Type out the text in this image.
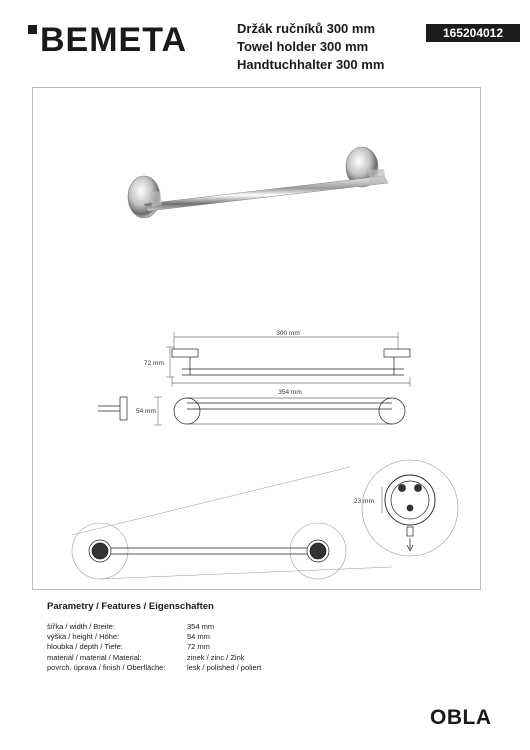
BEMETA	Držák ručníků 300 mm
Towel holder 300 mm
Handtuchhalter 300 mm
165204012
300 mm
72 mm
354 mm
54 mm
23 mm
Parametry / Features / Eigenschaften
šířka / width / Breite:	354 mm
výška / height / Höhe:	54 mm
hloubka / depth / Tiefe:	72 mm
materiál / material / Material:	zinek / zinc / Zink
povrch. úprava / finish / Oberfläche:	lesk / polished / poliert
OBLA
